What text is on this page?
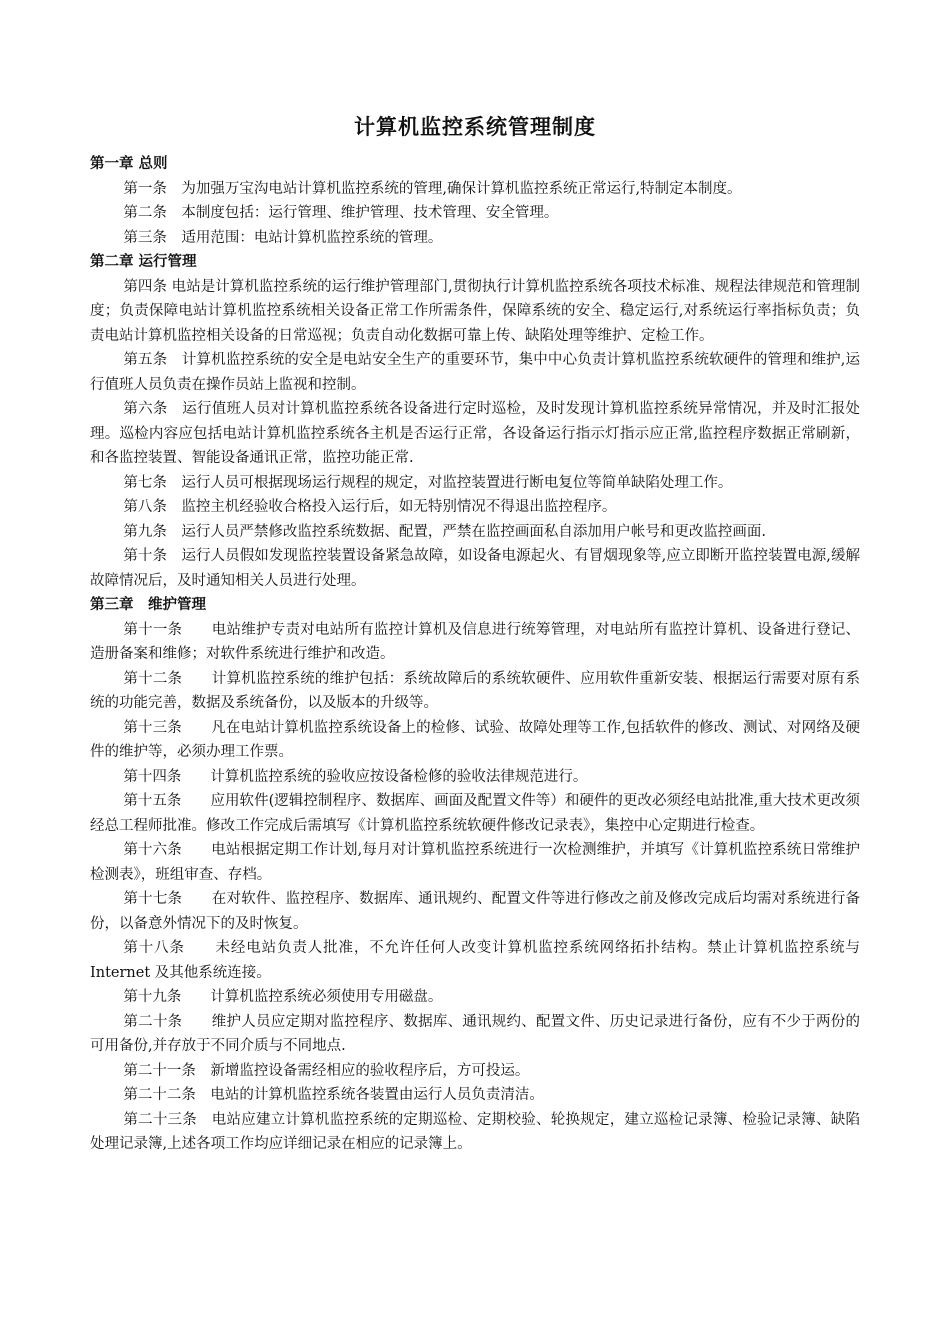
计算机监控系统管理制度
第一章 总则

第一条　为加强万宝沟电站计算机监控系统的管理,确保计算机监控系统正常运行,特制定本制度。

第二条　本制度包括：运行管理、维护管理、技术管理、安全管理。

第三条　适用范围：电站计算机监控系统的管理。

第二章 运行管理

第四条 电站是计算机监控系统的运行维护管理部门,贯彻执行计算机监控系统各项技术标准、规程法律规范和管理制度；负责保障电站计算机监控系统相关设备正常工作所需条件，保障系统的安全、稳定运行,对系统运行率指标负责；负责电站计算机监控相关设备的日常巡视；负责自动化数据可靠上传、缺陷处理等维护、定检工作。

第五条　计算机监控系统的安全是电站安全生产的重要环节，集中中心负责计算机监控系统软硬件的管理和维护,运行值班人员负责在操作员站上监视和控制。

第六条　运行值班人员对计算机监控系统各设备进行定时巡检，及时发现计算机监控系统异常情况，并及时汇报处理。巡检内容应包括电站计算机监控系统各主机是否运行正常，各设备运行指示灯指示应正常,监控程序数据正常刷新，和各监控装置、智能设备通讯正常，监控功能正常.

第七条　运行人员可根据现场运行规程的规定，对监控装置进行断电复位等简单缺陷处理工作。

第八条　监控主机经验收合格投入运行后，如无特别情况不得退出监控程序。

第九条　运行人员严禁修改监控系统数据、配置，严禁在监控画面私自添加用户帐号和更改监控画面.

第十条　运行人员假如发现监控装置设备紧急故障，如设备电源起火、有冒烟现象等,应立即断开监控装置电源,缓解故障情况后，及时通知相关人员进行处理。

第三章　维护管理

第十一条　　电站维护专责对电站所有监控计算机及信息进行统筹管理，对电站所有监控计算机、设备进行登记、造册备案和维修；对软件系统进行维护和改造。

第十二条　　计算机监控系统的维护包括：系统故障后的系统软硬件、应用软件重新安装、根据运行需要对原有系统的功能完善，数据及系统备份，以及版本的升级等。

第十三条　　凡在电站计算机监控系统设备上的检修、试验、故障处理等工作,包括软件的修改、测试、对网络及硬件的维护等，必须办理工作票。

第十四条　　计算机监控系统的验收应按设备检修的验收法律规范进行。

第十五条　　应用软件(逻辑控制程序、数据库、画面及配置文件等）和硬件的更改必须经电站批准,重大技术更改须经总工程师批准。修改工作完成后需填写《计算机监控系统软硬件修改记录表》，集控中心定期进行检查。

第十六条　　电站根据定期工作计划,每月对计算机监控系统进行一次检测维护，并填写《计算机监控系统日常维护检测表》，班组审查、存档。

第十七条　　在对软件、监控程序、数据库、通讯规约、配置文件等进行修改之前及修改完成后均需对系统进行备份，以备意外情况下的及时恢复。

第十八条　　未经电站负责人批准，不允许任何人改变计算机监控系统网络拓扑结构。禁止计算机监控系统与 Internet 及其他系统连接。

第十九条　　计算机监控系统必须使用专用磁盘。

第二十条　　维护人员应定期对监控程序、数据库、通讯规约、配置文件、历史记录进行备份，应有不少于两份的可用备份,并存放于不同介质与不同地点.

第二十一条　新增监控设备需经相应的验收程序后，方可投运。

第二十二条　电站的计算机监控系统各装置由运行人员负责清洁。

第二十三条　电站应建立计算机监控系统的定期巡检、定期校验、轮换规定，建立巡检记录簿、检验记录簿、缺陷处理记录簿,上述各项工作均应详细记录在相应的记录簿上。
